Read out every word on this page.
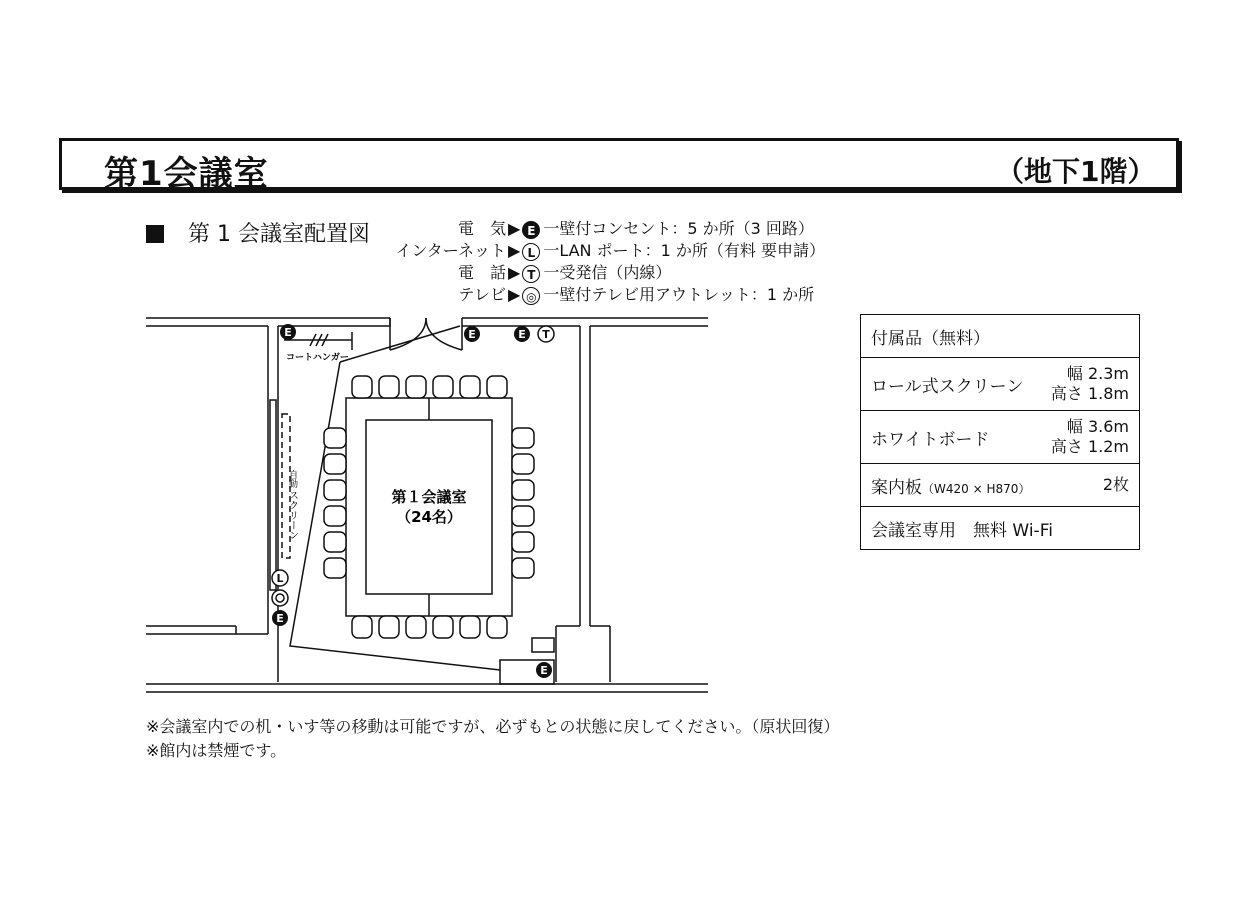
第1会議室	（地下1階）
第 1 会議室配置図	電　気 ▶ E 一壁付コンセント：5 か所（3 回路）
インターネット ▶ L 一LAN ポート：1 か所（有料 要申請）
電　話 ▶ T 一受発信（内線）
テレビ ▶ ◎ 一壁付テレビ用アウトレット：1 か所
E	E	E T
L
E
E
コートハンガー
自動
スクリーン	第１会議室
（24名）
付属品（無料）	
ロール式スクリーン	幅 2.3m
高さ 1.8m

ホワイトボード	幅 3.6m
高さ 1.2m

案内板（W420 × H870）	2枚
会議室専用　無料 Wi-Fi	
※会議室内での机・いす等の移動は可能ですが、必ずもとの状態に戻してください。（原状回復）
※館内は禁煙です。
